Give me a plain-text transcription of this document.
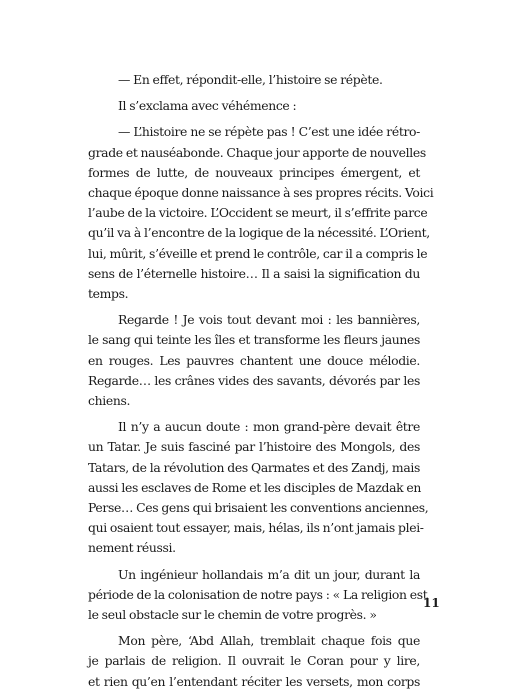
— En effet, répondit-elle, l’histoire se répète.

Il s’exclama avec véhémence :

— L’histoire ne se répète pas ! C’est une idée rétro-
grade et nauséabonde. Chaque jour apporte de nouvelles
formes de lutte, de nouveaux principes émergent, et
chaque époque donne naissance à ses propres récits. Voici
l’aube de la victoire. L’Occident se meurt, il s’effrite parce
qu’il va à l’encontre de la logique de la nécessité. L’Orient,
lui, mûrit, s’éveille et prend le contrôle, car il a compris le
sens de l’éternelle histoire… Il a saisi la signification du
temps.

Regarde ! Je vois tout devant moi : les bannières,
le sang qui teinte les îles et transforme les fleurs jaunes
en rouges. Les pauvres chantent une douce mélodie.
Regarde… les crânes vides des savants, dévorés par les
chiens.

Il n’y a aucun doute : mon grand-père devait être
un Tatar. Je suis fasciné par l’histoire des Mongols, des
Tatars, de la révolution des Qarmates et des Zandj, mais
aussi les esclaves de Rome et les disciples de Mazdak en
Perse… Ces gens qui brisaient les conventions anciennes,
qui osaient tout essayer, mais, hélas, ils n’ont jamais plei-
nement réussi.

Un ingénieur hollandais m’a dit un jour, durant la
période de la colonisation de notre pays : « La religion est
le seul obstacle sur le chemin de votre progrès. »

Mon père, ‘Abd Allah, tremblait chaque fois que
je parlais de religion. Il ouvrait le Coran pour y lire,
et rien qu’en l’entendant réciter les versets, mon corps

11
